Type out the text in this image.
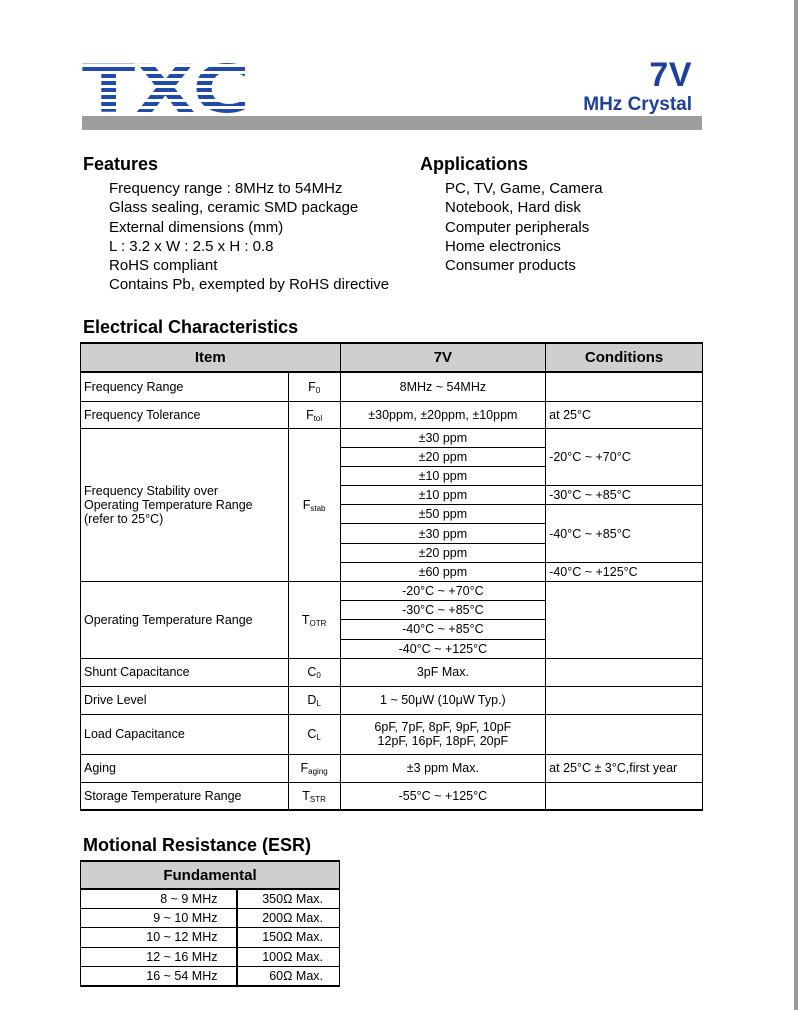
TXC	7V
MHz Crystal
Features
Frequency range : 8MHz to 54MHz
Glass sealing, ceramic SMD package
External dimensions (mm)
L : 3.2 x W : 2.5 x H : 0.8
RoHS compliant
Contains Pb, exempted by RoHS directive
Applications
PC, TV, Game, Camera
Notebook, Hard disk
Computer peripherals
Home electronics
Consumer products
Electrical Characteristics
Item		7V	Conditions
Frequency Range	F0	8MHz ~ 54MHz	
Frequency Tolerance	Ftol	±30ppm, ±20ppm, ±10ppm	at 25°C

Frequency Stability over
Operating Temperature Range
(refer to 25°C)	Fstab	±30 ppm	-20°C ~ +70°C
		±20 ppm	
		±10 ppm	
		±10 ppm	-30°C ~ +85°C
		±50 ppm	-40°C ~ +85°C
		±30 ppm	
		±20 ppm	
		±60 ppm	-40°C ~ +125°C
Operating Temperature Range	TOTR	-20°C ~ +70°C	
		-30°C ~ +85°C	
		-40°C ~ +85°C	
		-40°C ~ +125°C	
Shunt Capacitance	C0	3pF Max.	
Drive Level	DL	1 ~ 50μW (10μW Typ.)	
Load Capacitance	CL	6pF, 7pF, 8pF, 9pF, 10pF
12pF, 16pF, 18pF, 20pF	

Aging	Faging	±3 ppm Max.	at 25°C ± 3°C,first year
Storage Temperature Range	TSTR	-55°C ~ +125°C	
Motional Resistance (ESR)
Fundamental	
8 ~ 9 MHz	350Ω Max.
9 ~ 10 MHz	200Ω Max.
10 ~ 12 MHz	150Ω Max.
12 ~ 16 MHz	100Ω Max.
16 ~ 54 MHz	60Ω Max.
